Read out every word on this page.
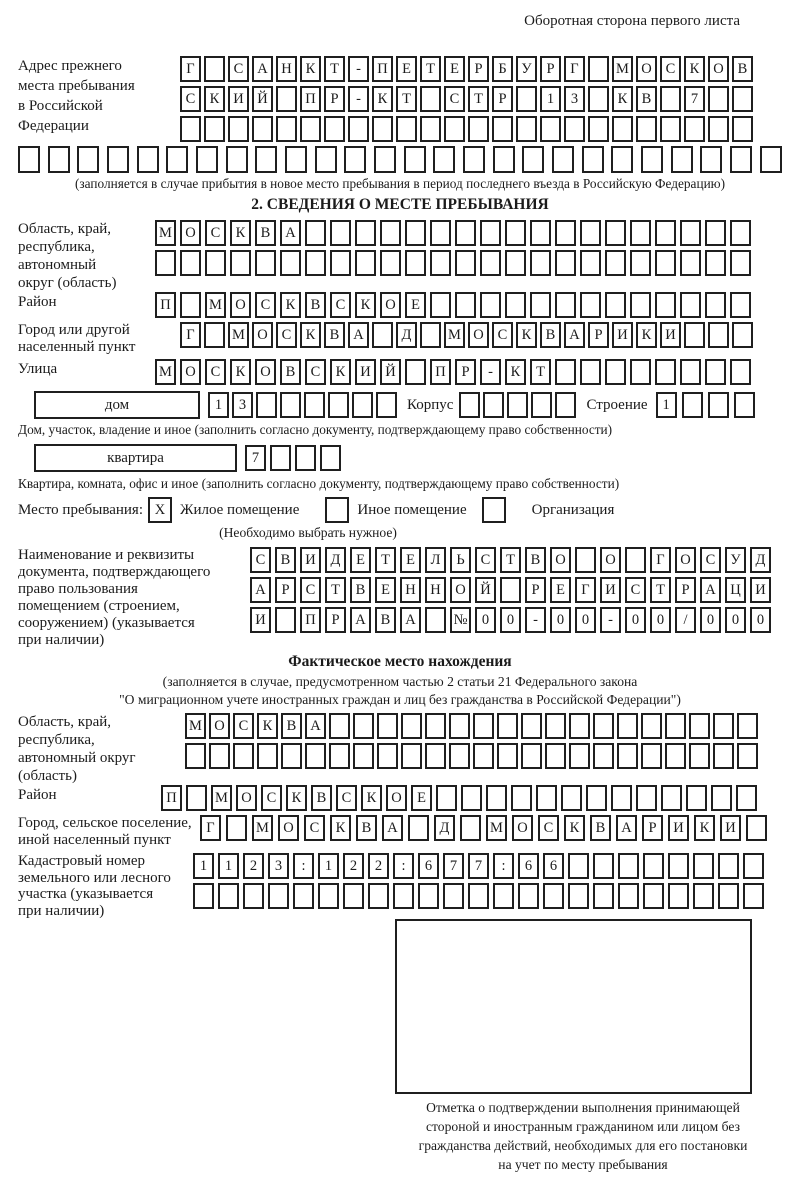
Оборотная сторона первого листа
Адрес прежнего
места пребывания
в Российской
Федерации
Г	С А Н К	Т	-	П Е	Т	Е	Р	Б	У	Р	Г	М О С К О В
С К И Й	П	Р	-	К	Т	С	Т	Р	1	3	К В	7
(заполняется в случае прибытия в новое место пребывания в период последнего въезда в Российскую Федерацию)
2. СВЕДЕНИЯ О МЕСТЕ ПРЕБЫВАНИЯ
Область, край,
республика,
автономный
округ (область)
М О	С	К	В	А
Район	П	М О	С	К	В	С	К	О	Е
Город или другой
населенный пункт
Г	М О С К В А	Д	М О С К В А	Р	И К И
Улица	М О	С	К	О	В	С	К	И	Й	П	Р	-	К	Т
дом	1	3	Корпус	Строение	1
Дом, участок, владение и иное (заполнить согласно документу, подтверждающему право собственности)
квартира	7
Квартира, комната, офис и иное (заполнить согласно документу, подтверждающему право собственности)
Место пребывания: X Жилое помещение	Иное помещение	Организация
(Необходимо выбрать нужное)
Наименование и реквизиты
документа, подтверждающего
право пользования
помещением (строением,
сооружением) (указывается
при наличии)
С	В	И	Д	Е	Т	Е	Л	Ь	С	Т	В	О	О	Г	О	С	У	Д
А	Р	С	Т	В	Е	Н	Н	О	Й	Р	Е	Г	И	С	Т	Р	А	Ц	И
И	П	Р	А	В	А	№ 0	0	-	0	0	-	0	0	/	0	0	0
Фактическое место нахождения
(заполняется в случае, предусмотренном частью 2 статьи 21 Федерального закона
"О миграционном учете иностранных граждан и лиц без гражданства в Российской Федерации")
Область, край,
республика,
автономный округ
(область)
М О С К В А
Район	П	М О	С	К	В	С	К	О	Е
Город, сельское поселение,
иной населенный пункт
Г	М О	С	К	В	А	Д	М О	С	К	В	А	Р	И	К	И
Кадастровый номер
земельного или лесного
участка (указывается
при наличии)
1	1	2	3	:	1	2	2	:	6	7	7	:	6	6
Отметка о подтверждении выполнения принимающей
стороной и иностранным гражданином или лицом без
гражданства действий, необходимых для его постановки
на учет по месту пребывания
